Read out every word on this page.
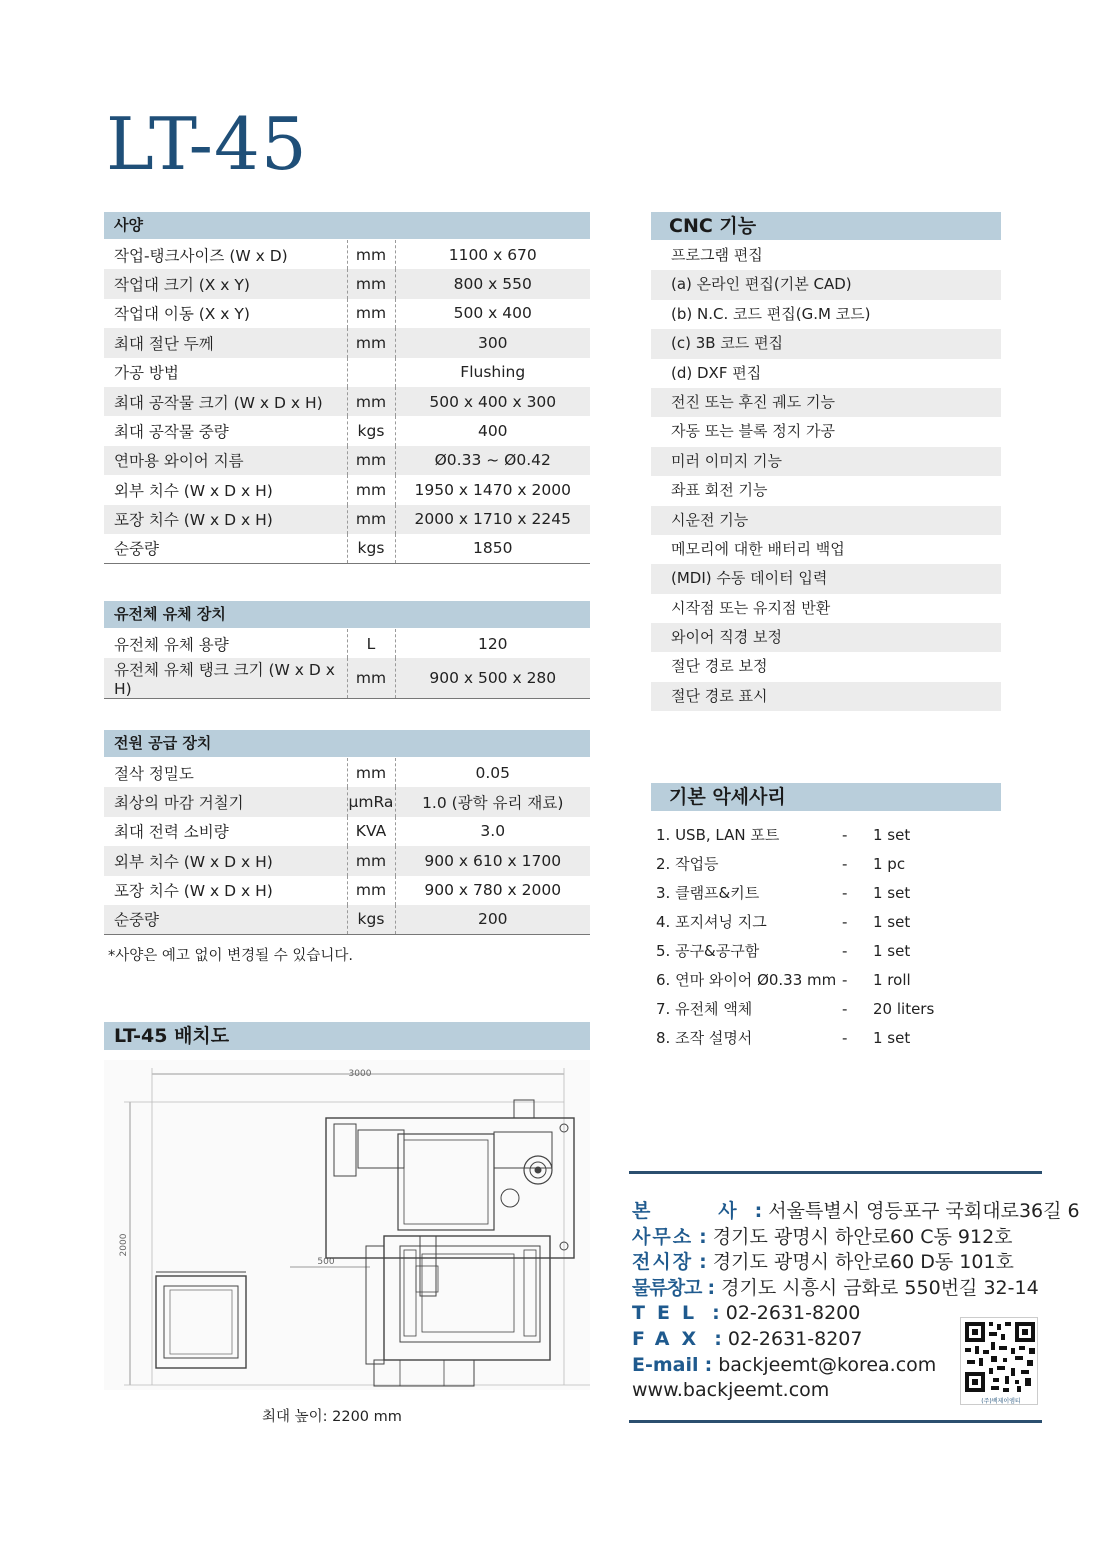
LT-45
사양
작업-탱크사이즈 (W x D)	mm	1100 x 670
작업대 크기 (X x Y)	mm	800 x 550
작업대 이동 (X x Y)	mm	500 x 400
최대 절단 두께	mm	300
가공 방법		Flushing
최대 공작물 크기 (W x D x H)	mm	500 x 400 x 300
최대 공작물 중량	kgs	400
연마용 와이어 지름	mm	Ø0.33 ~ Ø0.42
외부 치수 (W x D x H)	mm	1950 x 1470 x 2000
포장 치수 (W x D x H)	mm	2000 x 1710 x 2245
순중량	kgs	1850
유전체 유체 장치
유전체 유체 용량	L	120
유전체 유체 탱크 크기 (W x D x H)	mm	900 x 500 x 280
전원 공급 장치
절삭 정밀도	mm	0.05
최상의 마감 거칠기	μmRa	1.0 (광학 유리 재료)
최대 전력 소비량	KVA	3.0
외부 치수 (W x D x H)	mm	900 x 610 x 1700
포장 치수 (W x D x H)	mm	900 x 780 x 2000
순중량	kgs	200
*사양은 예고 없이 변경될 수 있습니다.
LT-45 배치도
3000
2000
500
최대 높이: 2200 mm
CNC 기능
프로그램 편집
(a) 온라인 편집(기본 CAD)
(b) N.C. 코드 편집(G.M 코드)
(c) 3B 코드 편집
(d) DXF 편집
전진 또는 후진 궤도 기능
자동 또는 블록 정지 가공
미러 이미지 기능
좌표 회전 기능
시운전 기능
메모리에 대한 배터리 백업
(MDI) 수동 데이터 입력
시작점 또는 유지점 반환
와이어 직경 보정
절단 경로 보정
절단 경로 표시
기본 악세사리
1. USB, LAN 포트	- 1 set
2. 작업등	- 1 pc
3. 클램프&키트	- 1 set
4. 포지셔닝 지그	- 1 set
5. 공구&공구함	- 1 set
6. 연마 와이어 Ø0.33 mm - 1 roll
7. 유전체 액체	- 20 liters
8. 조작 설명서	- 1 set
본   사 : 서울특별시 영등포구 국회대로36길 6
사무소 : 경기도 광명시 하안로60 C동 912호
전시장 : 경기도 광명시 하안로60 D동 101호
물류창고 : 경기도 시흥시 금화로 550번길 32-14
TEL : 02-2631-8200
FAX : 02-2631-8207
E-mail : backjeemt@korea.com
www.backjeemt.com
(주)백제이엠티
